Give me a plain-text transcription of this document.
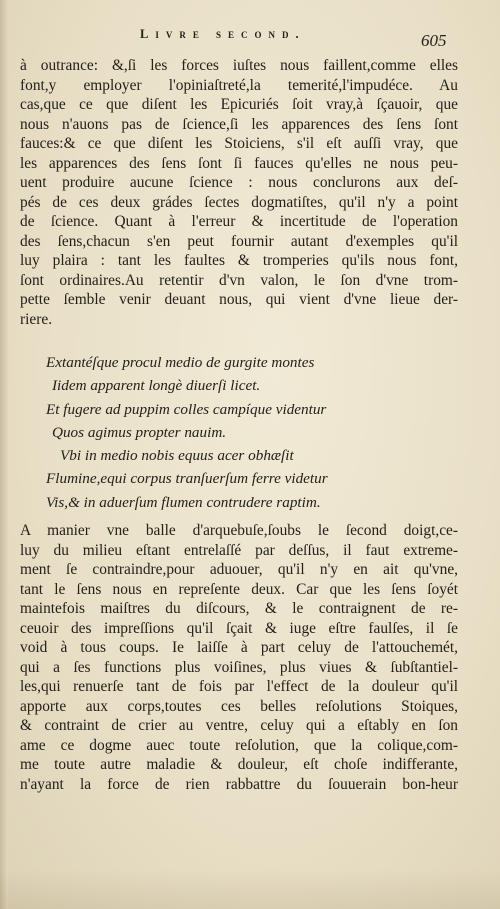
Livre second.	605
à outrance: &,ſi les forces iuſtes nous faillent,comme elles
font,y employer l'opiniaſtreté,la temerité,l'impudéce. Au
cas,que ce que diſent les Epicuriés ſoit vray,à ſçauoir, que
nous n'auons pas de ſcience,ſi les apparences des ſens ſont
fauces:& ce que diſent les Stoiciens, s'il eſt auſſi vray, que
les apparences des ſens ſont ſi fauces qu'elles ne nous peu-
uent produire aucune ſcience : nous conclurons aux deſ-
pés de ces deux grádes ſectes dogmatiſtes, qu'il n'y a point
de ſcience. Quant à l'erreur & incertitude de l'operation
des ſens,chacun s'en peut fournir autant d'exemples qu'il
luy plaira : tant les faultes & tromperies qu'ils nous font,
ſont ordinaires.Au retentir d'vn valon, le ſon d'vne trom-
pette ſemble venir deuant nous, qui vient d'vne lieue der-
riere.
Extantéſque procul medio de gurgite montes
Iidem apparent longè diuerſi licet.
Et fugere ad puppim colles campíque videntur
Quos agimus propter nauim.
Vbi in medio nobis equus acer obhæſit
Flumine,equi corpus tranſuerſum ferre videtur
Vis,& in aduerſum flumen contrudere raptim.
A manier vne balle d'arquebuſe,ſoubs le ſecond doigt,ce-
luy du milieu eſtant entrelaſſé par deſſus, il faut extreme-
ment ſe contraindre,pour aduouer, qu'il n'y en ait qu'vne,
tant le ſens nous en repreſente deux. Car que les ſens ſoyét
maintefois maiſtres du diſcours, & le contraignent de re-
ceuoir des impreſſions qu'il ſçait & iuge eſtre faulſes, il ſe
void à tous coups. Ie laiſſe à part celuy de l'attouchemét,
qui a ſes functions plus voiſines, plus viues & ſubſtantiel-
les,qui renuerſe tant de fois par l'effect de la douleur qu'il
apporte aux corps,toutes ces belles reſolutions Stoiques,
& contraint de crier au ventre, celuy qui a eſtably en ſon
ame ce dogme auec toute reſolution, que la colique,com-
me toute autre maladie & douleur, eſt choſe indifferante,
n'ayant la force de rien rabbattre du ſouuerain bon-heur
